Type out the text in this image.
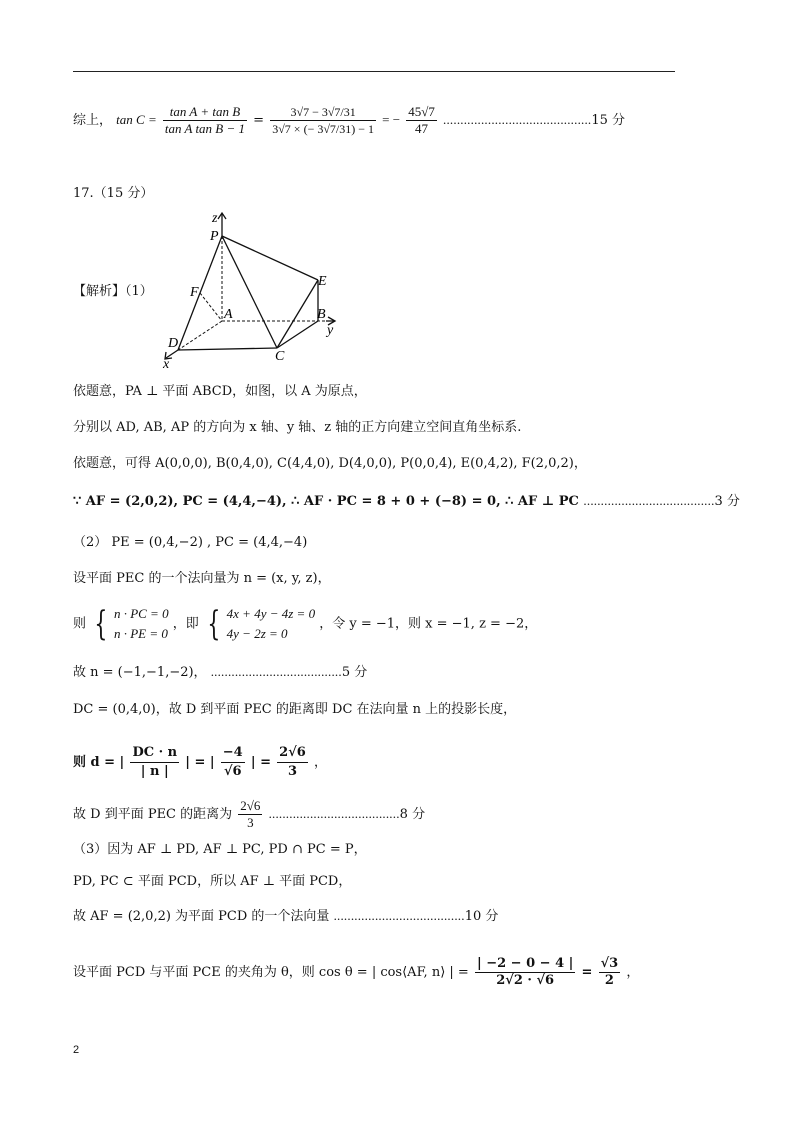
综上， $\tan C = \frac{\text{tan A + tan B}}{\text{tan A tan B − 1}} = \frac{3√7 - 3√7/31}{3√7 \times (- 3√7/31) - 1}$ = − $\frac{45√7}{47} ...........................................15$ 分
17.（15 分）
【解析】（1）
z
P
E
F
A	B
y
D
C
x
依题意，PA ⊥ 平面 ABCD，如图，以 A 为原点，
分别以 AD, AB, AP 的方向为 x 轴、y 轴、z 轴的正方向建立空间直角坐标系.
依题意，可得 A(0,0,0), B(0,4,0), C(4,4,0), D(4,0,0), P(0,0,4), E(0,4,2), F(2,0,2)，
∵ AF = (2,0,2), PC = (4,4,−4), ∴ AF · PC = 8 + 0 + (−8) = 0, ∴ AF ⊥ PC ......................................3 分
（2） PE = (0,4,−2) , PC = (4,4,−4)
设平面 PEC 的一个法向量为 n = (x, y, z)，
则 { n · PC = 0
n · PE = 0
，即 { 4x + 4y − 4z = 0
4y − 2z = 0
，令 y = −1，则 x = −1, z = −2，
故 n = (−1,−1,−2)， ......................................5 分
DC = (0,4,0)，故 D 到平面 PEC 的距离即 DC 在法向量 n 上的投影长度，
则 d = | $\frac{DC \cdot n}{| n |}$ | = | $\frac{-4}{√6}$ | = $\frac{2√6}{3}$ ，
故 D 到平面 PEC 的距离为 $\frac{2√6}{3} ......................................8$ 分
（3）因为 AF ⊥ PD, AF ⊥ PC, PD ∩ PC = P，
PD, PC ⊂ 平面 PCD，所以 AF ⊥ 平面 PCD，
故 AF = (2,0,2) 为平面 PCD 的一个法向量 ......................................10 分
设平面 PCD 与平面 PCE 的夹角为 θ，则 cos θ = | cos⟨AF, n⟩ | = $\frac{| -2 - 0 - 4 |}{2√2 \cdot √6} = \frac{√3}{2}$ ，
2
